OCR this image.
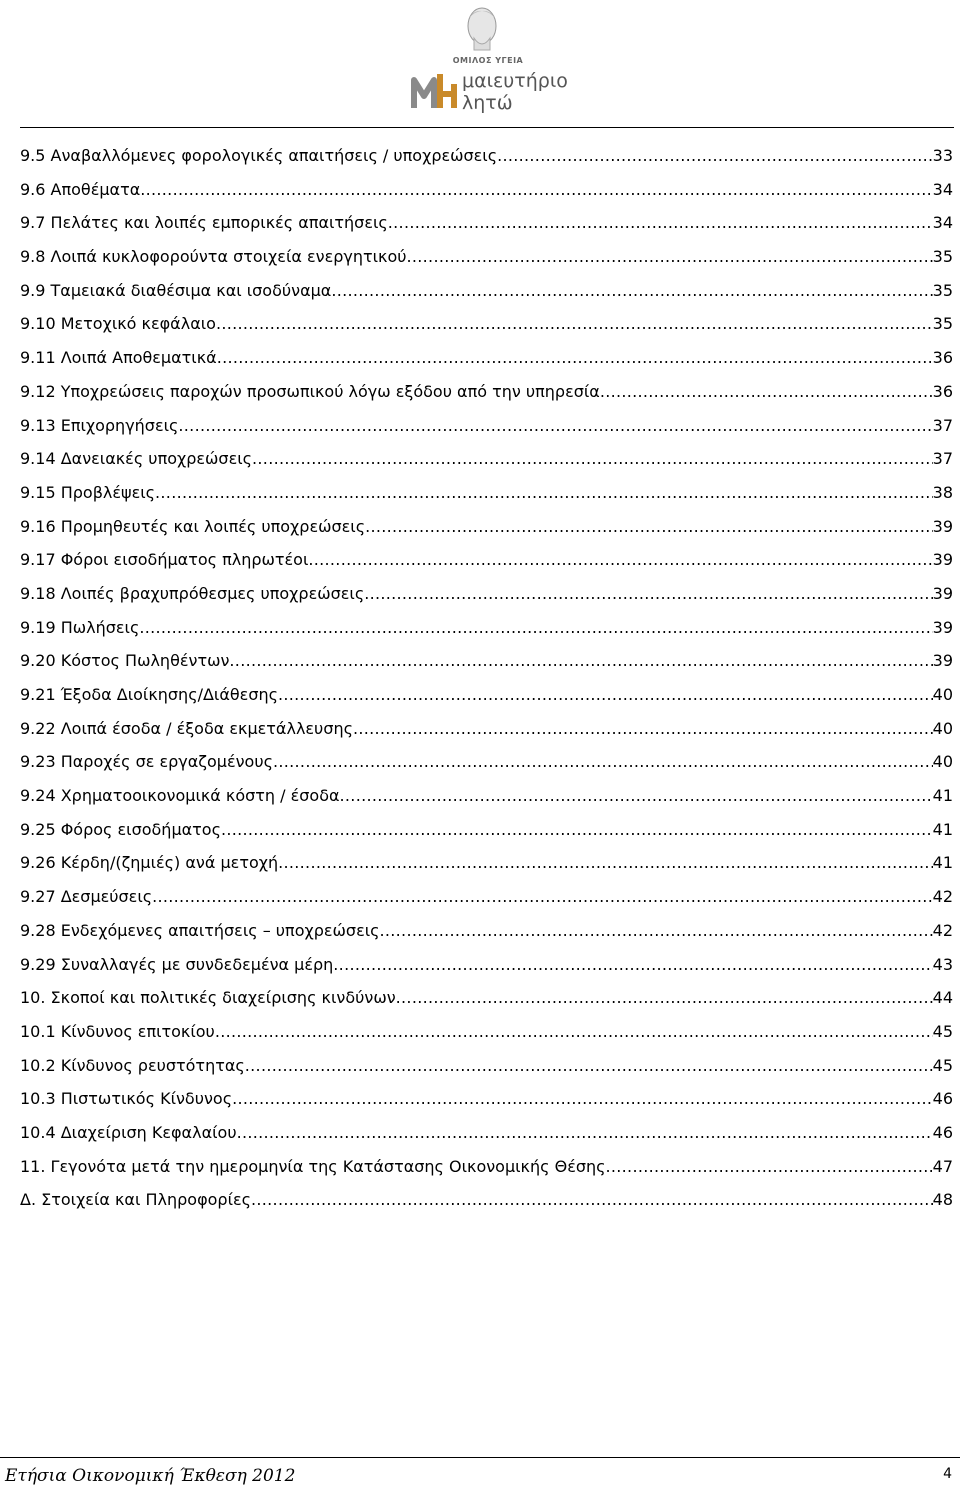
ΟΜΙΛΟΣ ΥΓΕΙΑ
μαιευτήριο
λητώ
9.5 Αναβαλλόμενες φορολογικές απαιτήσεις / υποχρεώσεις .....	33
9.6 Αποθέματα .....	34
9.7 Πελάτες και λοιπές εμπορικές απαιτήσεις .....	34
9.8 Λοιπά κυκλοφορούντα στοιχεία ενεργητικού .....	35
9.9 Ταμειακά διαθέσιμα και ισοδύναμα .....	35
9.10 Μετοχικό κεφάλαιο .....	35
9.11 Λοιπά Αποθεματικά .....	36
9.12 Υποχρεώσεις παροχών προσωπικού λόγω εξόδου από την υπηρεσία .....	36
9.13 Επιχορηγήσεις .....	37
9.14 Δανειακές υποχρεώσεις .....	37
9.15 Προβλέψεις .....	38
9.16 Προμηθευτές και λοιπές υποχρεώσεις .....	39
9.17 Φόροι εισοδήματος πληρωτέοι .....	39
9.18 Λοιπές βραχυπρόθεσμες υποχρεώσεις .....	39
9.19 Πωλήσεις .....	39
9.20 Κόστος Πωληθέντων .....	39
9.21 Έξοδα Διοίκησης/Διάθεσης .....	40
9.22 Λοιπά έσοδα / έξοδα εκμετάλλευσης .....	40
9.23 Παροχές σε εργαζομένους .....	40
9.24 Χρηματοοικονομικά κόστη / έσοδα .....	41
9.25 Φόρος εισοδήματος .....	41
9.26 Κέρδη/(ζημιές) ανά μετοχή .....	41
9.27 Δεσμεύσεις .....	42
9.28 Ενδεχόμενες απαιτήσεις – υποχρεώσεις .....	42
9.29 Συναλλαγές με συνδεδεμένα μέρη .....	43
10. Σκοποί και πολιτικές διαχείρισης κινδύνων .....	44
10.1 Κίνδυνος επιτοκίου .....	45
10.2 Κίνδυνος ρευστότητας .....	45
10.3 Πιστωτικός Κίνδυνος .....	46
10.4 Διαχείριση Κεφαλαίου .....	46
11. Γεγονότα μετά την ημερομηνία της Κατάστασης Οικονομικής Θέσης .....	47
Δ. Στοιχεία και Πληροφορίες .....	48
Ετήσια Οικονομική Έκθεση 2012	4
